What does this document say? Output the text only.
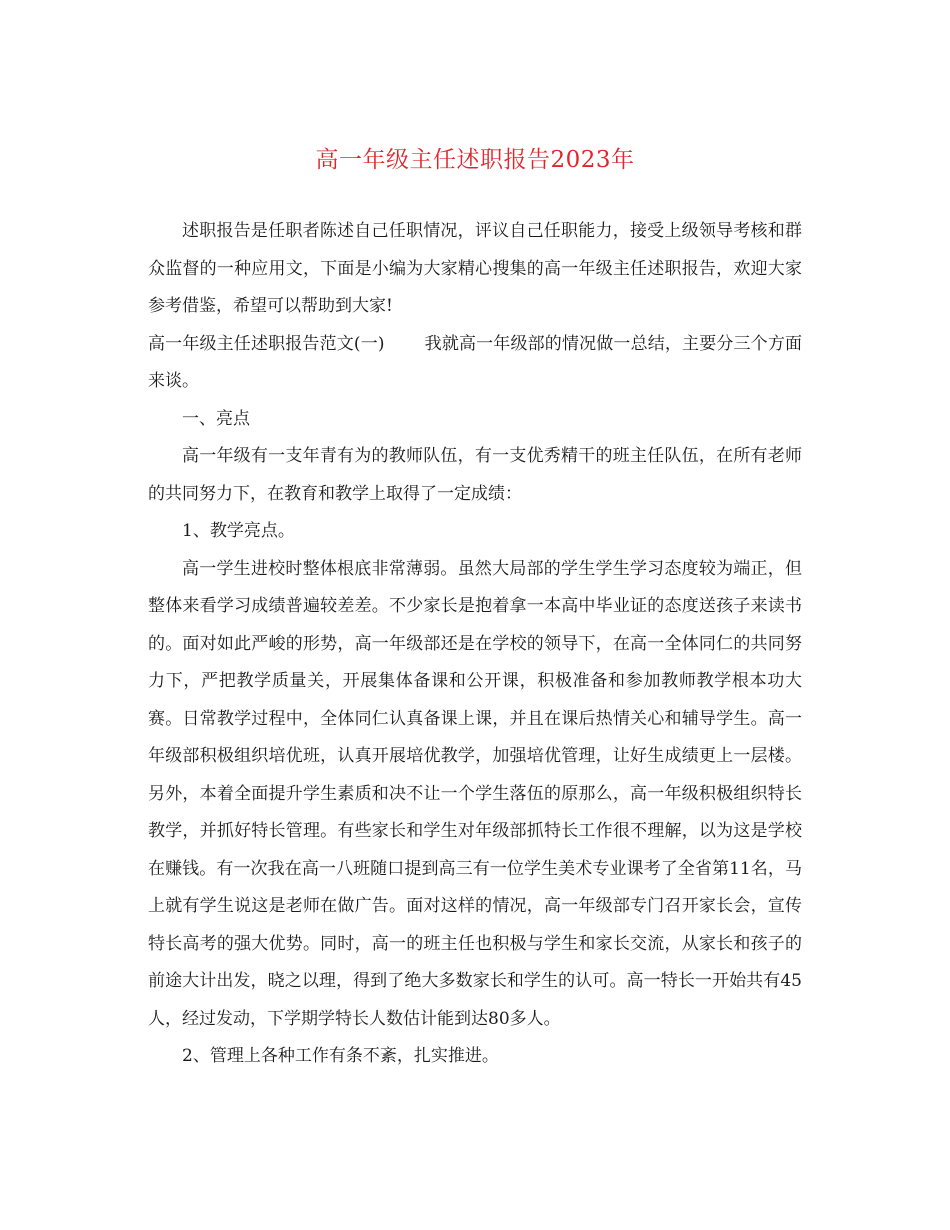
高一年级主任述职报告2023年

述职报告是任职者陈述自己任职情况，评议自己任职能力，接受上级领导考核和群众监督的一种应用文，下面是小编为大家精心搜集的高一年级主任述职报告，欢迎大家参考借鉴，希望可以帮助到大家!

高一年级主任述职报告范文(一) 我就高一年级部的情况做一总结，主要分三个方面来谈。

一、亮点

高一年级有一支年青有为的教师队伍，有一支优秀精干的班主任队伍，在所有老师的共同努力下，在教育和教学上取得了一定成绩：

1、教学亮点。

高一学生进校时整体根底非常薄弱。虽然大局部的学生学生学习态度较为端正，但整体来看学习成绩普遍较差差。不少家长是抱着拿一本高中毕业证的态度送孩子来读书的。面对如此严峻的形势，高一年级部还是在学校的领导下，在高一全体同仁的共同努力下，严把教学质量关，开展集体备课和公开课，积极准备和参加教师教学根本功大赛。日常教学过程中，全体同仁认真备课上课，并且在课后热情关心和辅导学生。高一年级部积极组织培优班，认真开展培优教学，加强培优管理，让好生成绩更上一层楼。另外，本着全面提升学生素质和决不让一个学生落伍的原那么，高一年级积极组织特长教学，并抓好特长管理。有些家长和学生对年级部抓特长工作很不理解，以为这是学校在赚钱。有一次我在高一八班随口提到高三有一位学生美术专业课考了全省第11名，马上就有学生说这是老师在做广告。面对这样的情况，高一年级部专门召开家长会，宣传特长高考的强大优势。同时，高一的班主任也积极与学生和家长交流，从家长和孩子的前途大计出发，晓之以理，得到了绝大多数家长和学生的认可。高一特长一开始共有45人，经过发动，下学期学特长人数估计能到达80多人。

2、管理上各种工作有条不紊，扎实推进。
